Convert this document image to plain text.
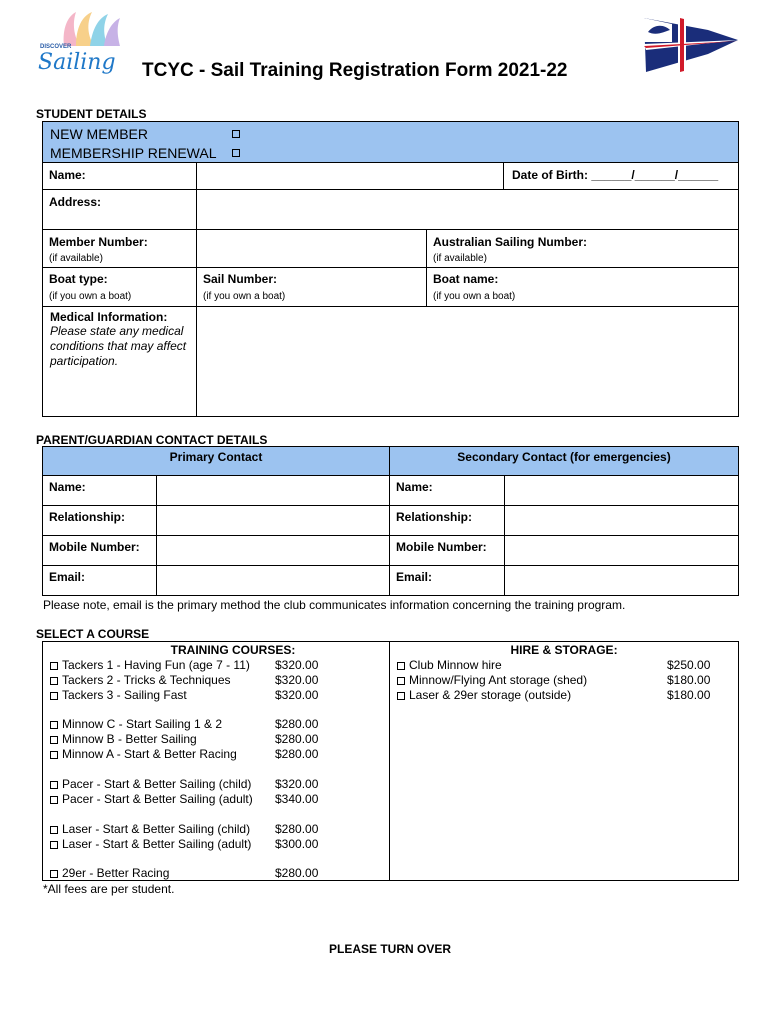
DISCOVER
Sailing TCYC - Sail Training Registration Form 2021-22
STUDENT DETAILS
NEW MEMBER
MEMBERSHIP RENEWAL
Name:	Date of Birth: ______/______/______
Address:
Member Number:
(if available)
Australian Sailing Number:
(if available)
Boat type:
(if you own a boat)
Sail Number:
(if you own a boat)
Boat name:
(if you own a boat)
Medical Information:
Please state any medical conditions that may affect participation.
PARENT/GUARDIAN CONTACT DETAILS
Primary Contact	Secondary Contact (for emergencies)
Name:
Relationship:
Mobile Number:
Email:
Name:
Relationship:
Mobile Number:
Email:
Please note, email is the primary method the club communicates information concerning the training program.
SELECT A COURSE
TRAINING COURSES:	HIRE & STORAGE:
Tackers 1 - Having Fun (age 7 - 11) $320.00
Tackers 2 - Tricks & Techniques	$320.00
Tackers 3 - Sailing Fast	$320.00
Minnow C - Start Sailing 1 & 2	$280.00
Minnow B - Better Sailing	$280.00
Minnow A - Start & Better Racing	$280.00
Pacer - Start & Better Sailing (child) $320.00
Pacer - Start & Better Sailing (adult) $340.00
Laser - Start & Better Sailing (child) $280.00
Laser - Start & Better Sailing (adult) $300.00
29er - Better Racing	$280.00
Club Minnow hire	$250.00
Minnow/Flying Ant storage (shed)	$180.00
Laser & 29er storage (outside)	$180.00
*All fees are per student.
PLEASE TURN OVER
